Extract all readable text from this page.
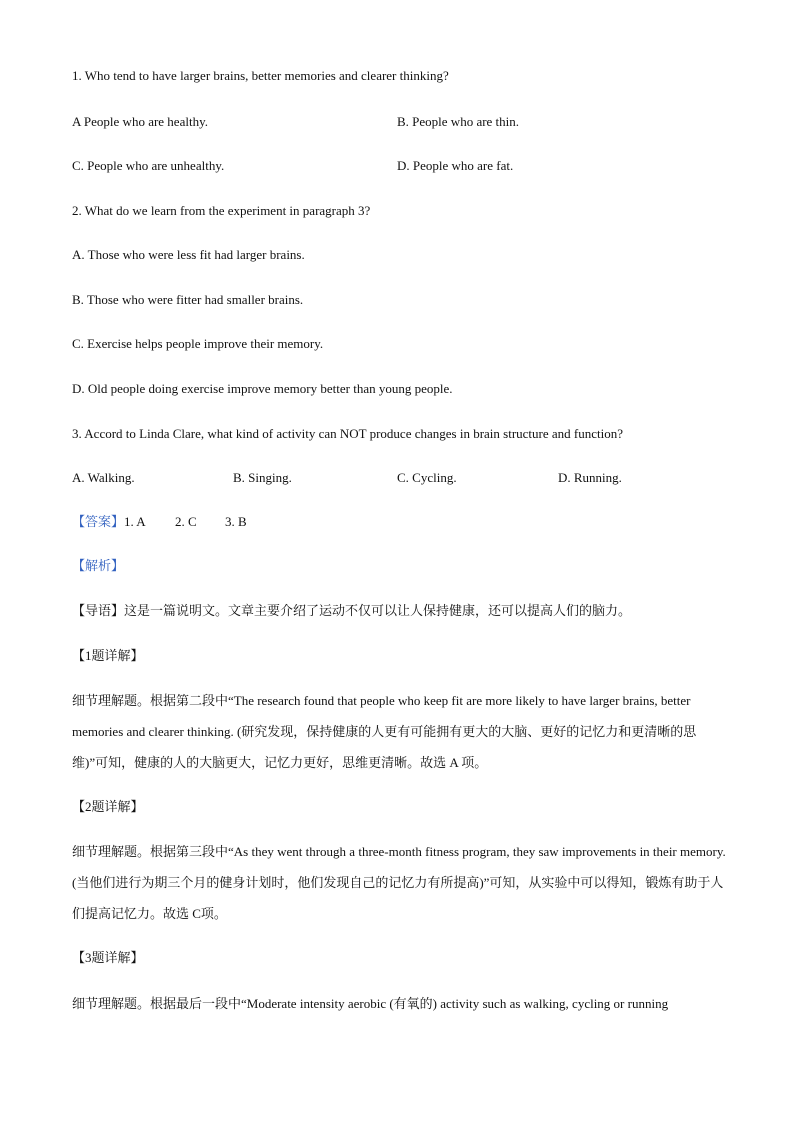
1. Who tend to have larger brains, better memories and clearer thinking?
A People who are healthy.	B. People who are thin.
C. People who are unhealthy.	D. People who are fat.
2. What do we learn from the experiment in paragraph 3?
A. Those who were less fit had larger brains.
B. Those who were fitter had smaller brains.
C. Exercise helps people improve their memory.
D. Old people doing exercise improve memory better than young people.
3. Accord to Linda Clare, what kind of activity can NOT produce changes in brain structure and function?
A. Walking.	B. Singing.	C. Cycling.	D. Running.
【答案】1. A 2. C 3. B
【解析】
【导语】这是一篇说明文。文章主要介绍了运动不仅可以让人保持健康，还可以提高人们的脑力。
【1题详解】
细节理解题。根据第二段中“The research found that people who keep fit are more likely to have larger brains, better memories and clearer thinking. (研究发现，保持健康的人更有可能拥有更大的大脑、更好的记忆力和更清晰的思维)”可知，健康的人的大脑更大，记忆力更好，思维更清晰。故选 A 项。
【2题详解】
细节理解题。根据第三段中“As they went through a three-month fitness program, they saw improvements in their memory. (当他们进行为期三个月的健身计划时，他们发现自己的记忆力有所提高)”可知，从实验中可以得知，锻炼有助于人们提高记忆力。故选 C项。
【3题详解】
细节理解题。根据最后一段中“Moderate intensity aerobic (有氧的) activity such as walking, cycling or running
